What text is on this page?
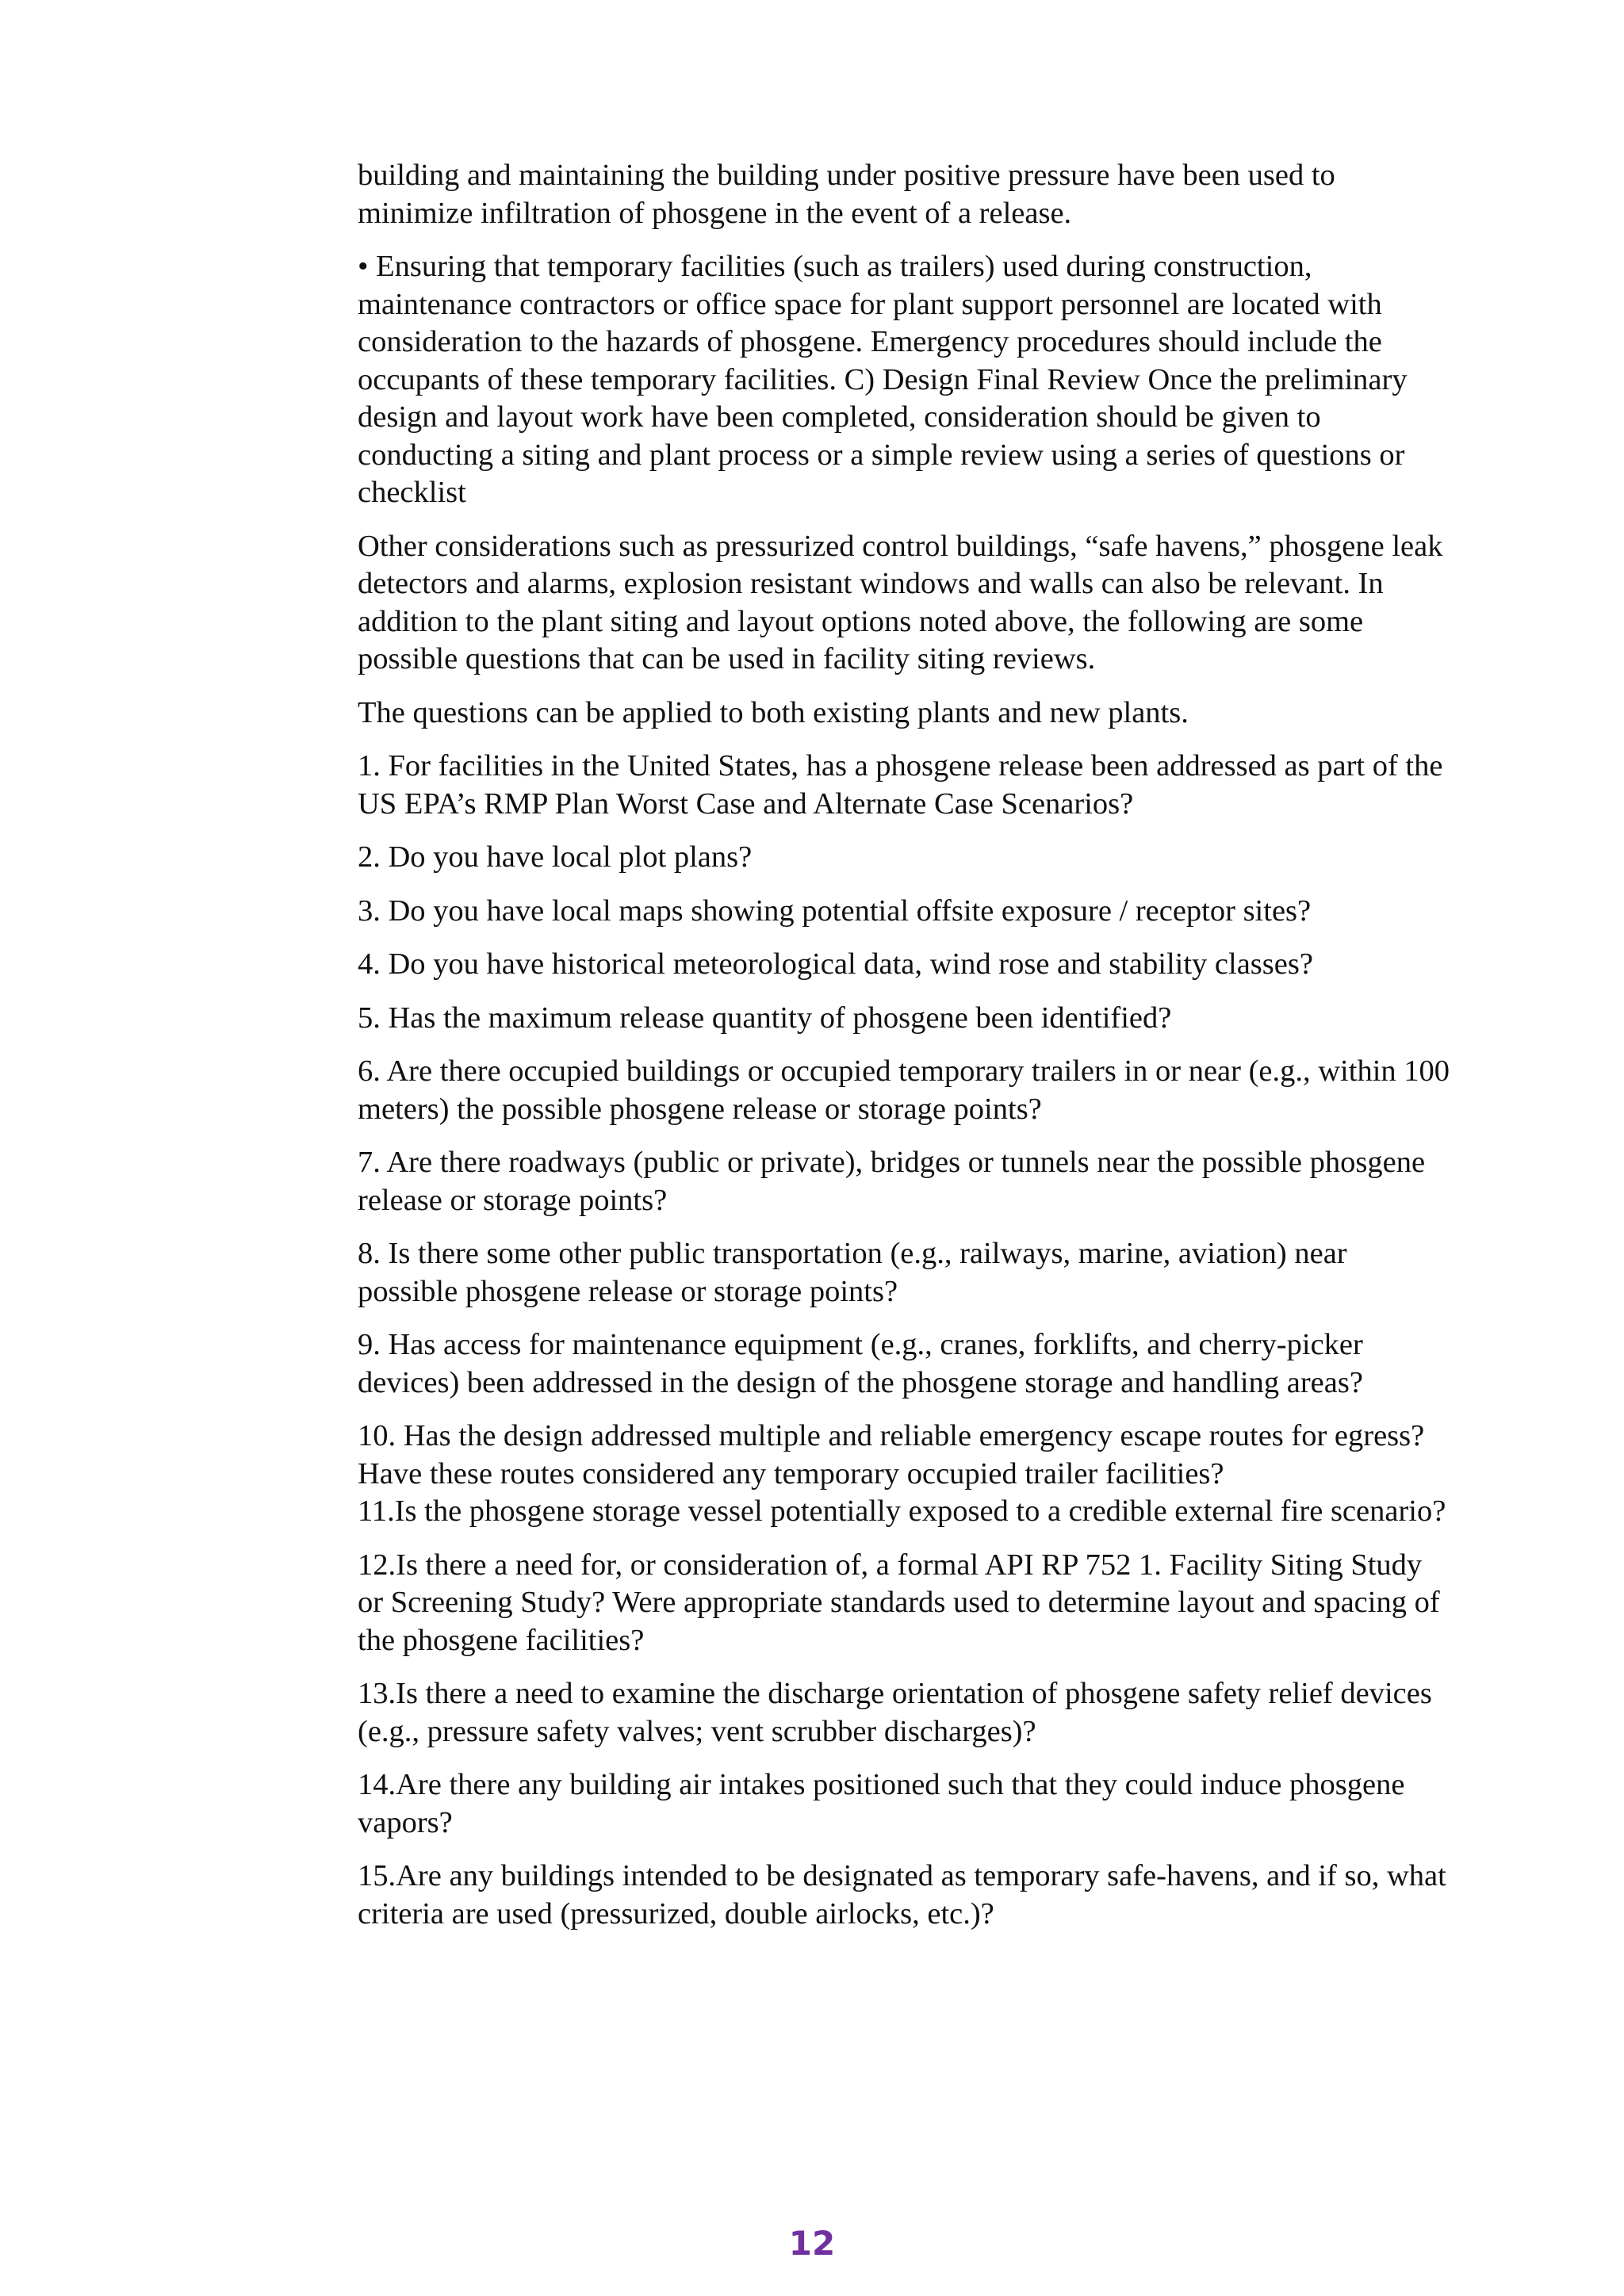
building and maintaining the building under positive pressure have been used to minimize infiltration of phosgene in the event of a release.

• Ensuring that temporary facilities (such as trailers) used during construction, maintenance contractors or office space for plant support personnel are located with consideration to the hazards of phosgene. Emergency procedures should include the occupants of these temporary facilities. C) Design Final Review Once the preliminary design and layout work have been completed, consideration should be given to conducting a siting and plant process or a simple review using a series of questions or checklist

Other considerations such as pressurized control buildings, “safe havens,” phosgene leak detectors and alarms, explosion resistant windows and walls can also be relevant. In addition to the plant siting and layout options noted above, the following are some possible questions that can be used in facility siting reviews.

The questions can be applied to both existing plants and new plants.

1. For facilities in the United States, has a phosgene release been addressed as part of the US EPA’s RMP Plan Worst Case and Alternate Case Scenarios?

2. Do you have local plot plans?

3. Do you have local maps showing potential offsite exposure / receptor sites?

4. Do you have historical meteorological data, wind rose and stability classes?

5. Has the maximum release quantity of phosgene been identified?

6. Are there occupied buildings or occupied temporary trailers in or near (e.g., within 100 meters) the possible phosgene release or storage points?

7. Are there roadways (public or private), bridges or tunnels near the possible phosgene release or storage points?

8. Is there some other public transportation (e.g., railways, marine, aviation) near possible phosgene release or storage points?

9. Has access for maintenance equipment (e.g., cranes, forklifts, and cherry-picker devices) been addressed in the design of the phosgene storage and handling areas?

10. Has the design addressed multiple and reliable emergency escape routes for egress? Have these routes considered any temporary occupied trailer facilities?

11.Is the phosgene storage vessel potentially exposed to a credible external fire scenario?

12.Is there a need for, or consideration of, a formal API RP 752 1. Facility Siting Study or Screening Study? Were appropriate standards used to determine layout and spacing of the phosgene facilities?

13.Is there a need to examine the discharge orientation of phosgene safety relief devices (e.g., pressure safety valves; vent scrubber discharges)?

14.Are there any building air intakes positioned such that they could induce phosgene vapors?

15.Are any buildings intended to be designated as temporary safe-havens, and if so, what criteria are used (pressurized, double airlocks, etc.)?

12
